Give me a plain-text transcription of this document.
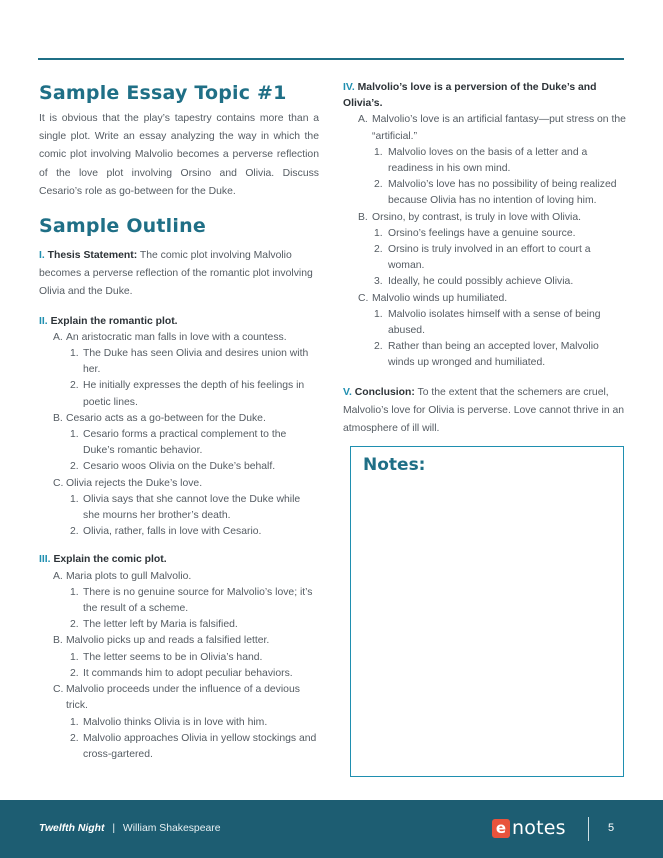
Sample Essay Topic #1

It is obvious that the play’s tapestry contains more than a single plot. Write an essay analyzing the way in which the comic plot involving Malvolio becomes a perverse reflection of the love plot involving Orsino and Olivia. Discuss Cesario’s role as go-between for the Duke.

Sample Outline

I. Thesis Statement: The comic plot involving Malvolio becomes a perverse reflection of the romantic plot involving Olivia and the Duke.

II. Explain the romantic plot.
A. An aristocratic man falls in love with a countess.
1. The Duke has seen Olivia and desires union with her.
2. He initially expresses the depth of his feelings in poetic lines.
B. Cesario acts as a go-between for the Duke.
1. Cesario forms a practical complement to the Duke’s romantic behavior.
2. Cesario woos Olivia on the Duke’s behalf.
C. Olivia rejects the Duke’s love.
1. Olivia says that she cannot love the Duke while she mourns her brother’s death.
2. Olivia, rather, falls in love with Cesario.
III. Explain the comic plot.
A. Maria plots to gull Malvolio.
1. There is no genuine source for Malvolio’s love; it’s the result of a scheme.
2. The letter left by Maria is falsified.
B. Malvolio picks up and reads a falsified letter.
1. The letter seems to be in Olivia’s hand.
2. It commands him to adopt peculiar behaviors.
C. Malvolio proceeds under the influence of a devious trick.
1. Malvolio thinks Olivia is in love with him.
2. Malvolio approaches Olivia in yellow stockings and cross-gartered.
IV. Malvolio’s love is a perversion of the Duke’s and Olivia’s.
A. Malvolio’s love is an artificial fantasy—put stress on the “artificial.”
1. Malvolio loves on the basis of a letter and a readiness in his own mind.
2. Malvolio’s love has no possibility of being realized because Olivia has no intention of loving him.
B. Orsino, by contrast, is truly in love with Olivia.
1. Orsino’s feelings have a genuine source.
2. Orsino is truly involved in an effort to court a woman.
3. Ideally, he could possibly achieve Olivia.
C. Malvolio winds up humiliated.
1. Malvolio isolates himself with a sense of being abused.
2. Rather than being an accepted lover, Malvolio winds up wronged and humiliated.

V. Conclusion: To the extent that the schemers are cruel, Malvolio’s love for Olivia is perverse. Love cannot thrive in an atmosphere of ill will.

Notes:
Twelfth Night | William Shakespeare	e notes	5
